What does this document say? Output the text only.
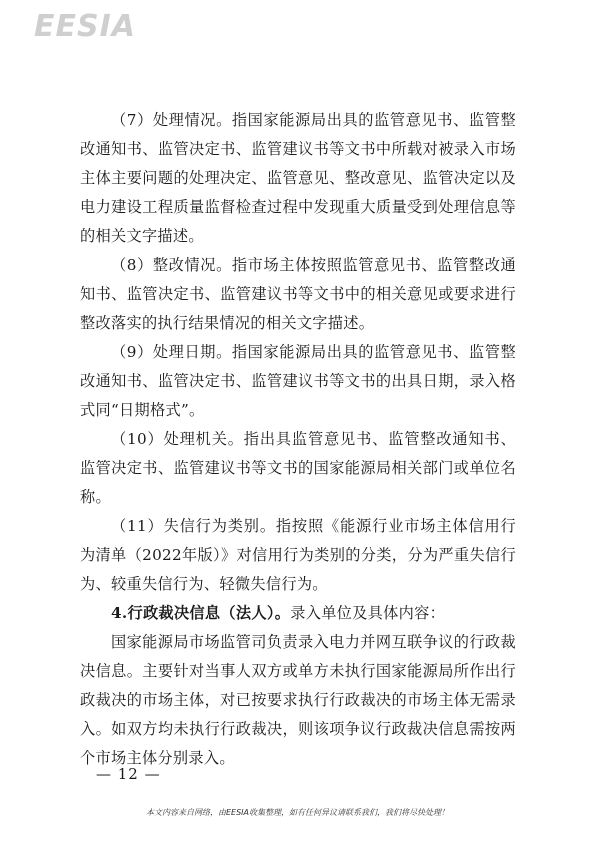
EESIA

（7）处理情况。指国家能源局出具的监管意见书、监管整改通知书、监管决定书、监管建议书等文书中所载对被录入市场主体主要问题的处理决定、监管意见、整改意见、监管决定以及电力建设工程质量监督检查过程中发现重大质量受到处理信息等的相关文字描述。

（8）整改情况。指市场主体按照监管意见书、监管整改通知书、监管决定书、监管建议书等文书中的相关意见或要求进行整改落实的执行结果情况的相关文字描述。

（9）处理日期。指国家能源局出具的监管意见书、监管整改通知书、监管决定书、监管建议书等文书的出具日期，录入格式同“日期格式”。

（10）处理机关。指出具监管意见书、监管整改通知书、监管决定书、监管建议书等文书的国家能源局相关部门或单位名称。

（11）失信行为类别。指按照《能源行业市场主体信用行为清单（2022年版）》对信用行为类别的分类，分为严重失信行为、较重失信行为、轻微失信行为。

4.行政裁决信息（法人）。录入单位及具体内容：

国家能源局市场监管司负责录入电力并网互联争议的行政裁决信息。主要针对当事人双方或单方未执行国家能源局所作出行政裁决的市场主体，对已按要求执行行政裁决的市场主体无需录入。如双方均未执行行政裁决，则该项争议行政裁决信息需按两个市场主体分别录入。

— 12 —
本文内容来自网络，由EESIA收集整理，如有任何异议请联系我们，我们将尽快处理！
